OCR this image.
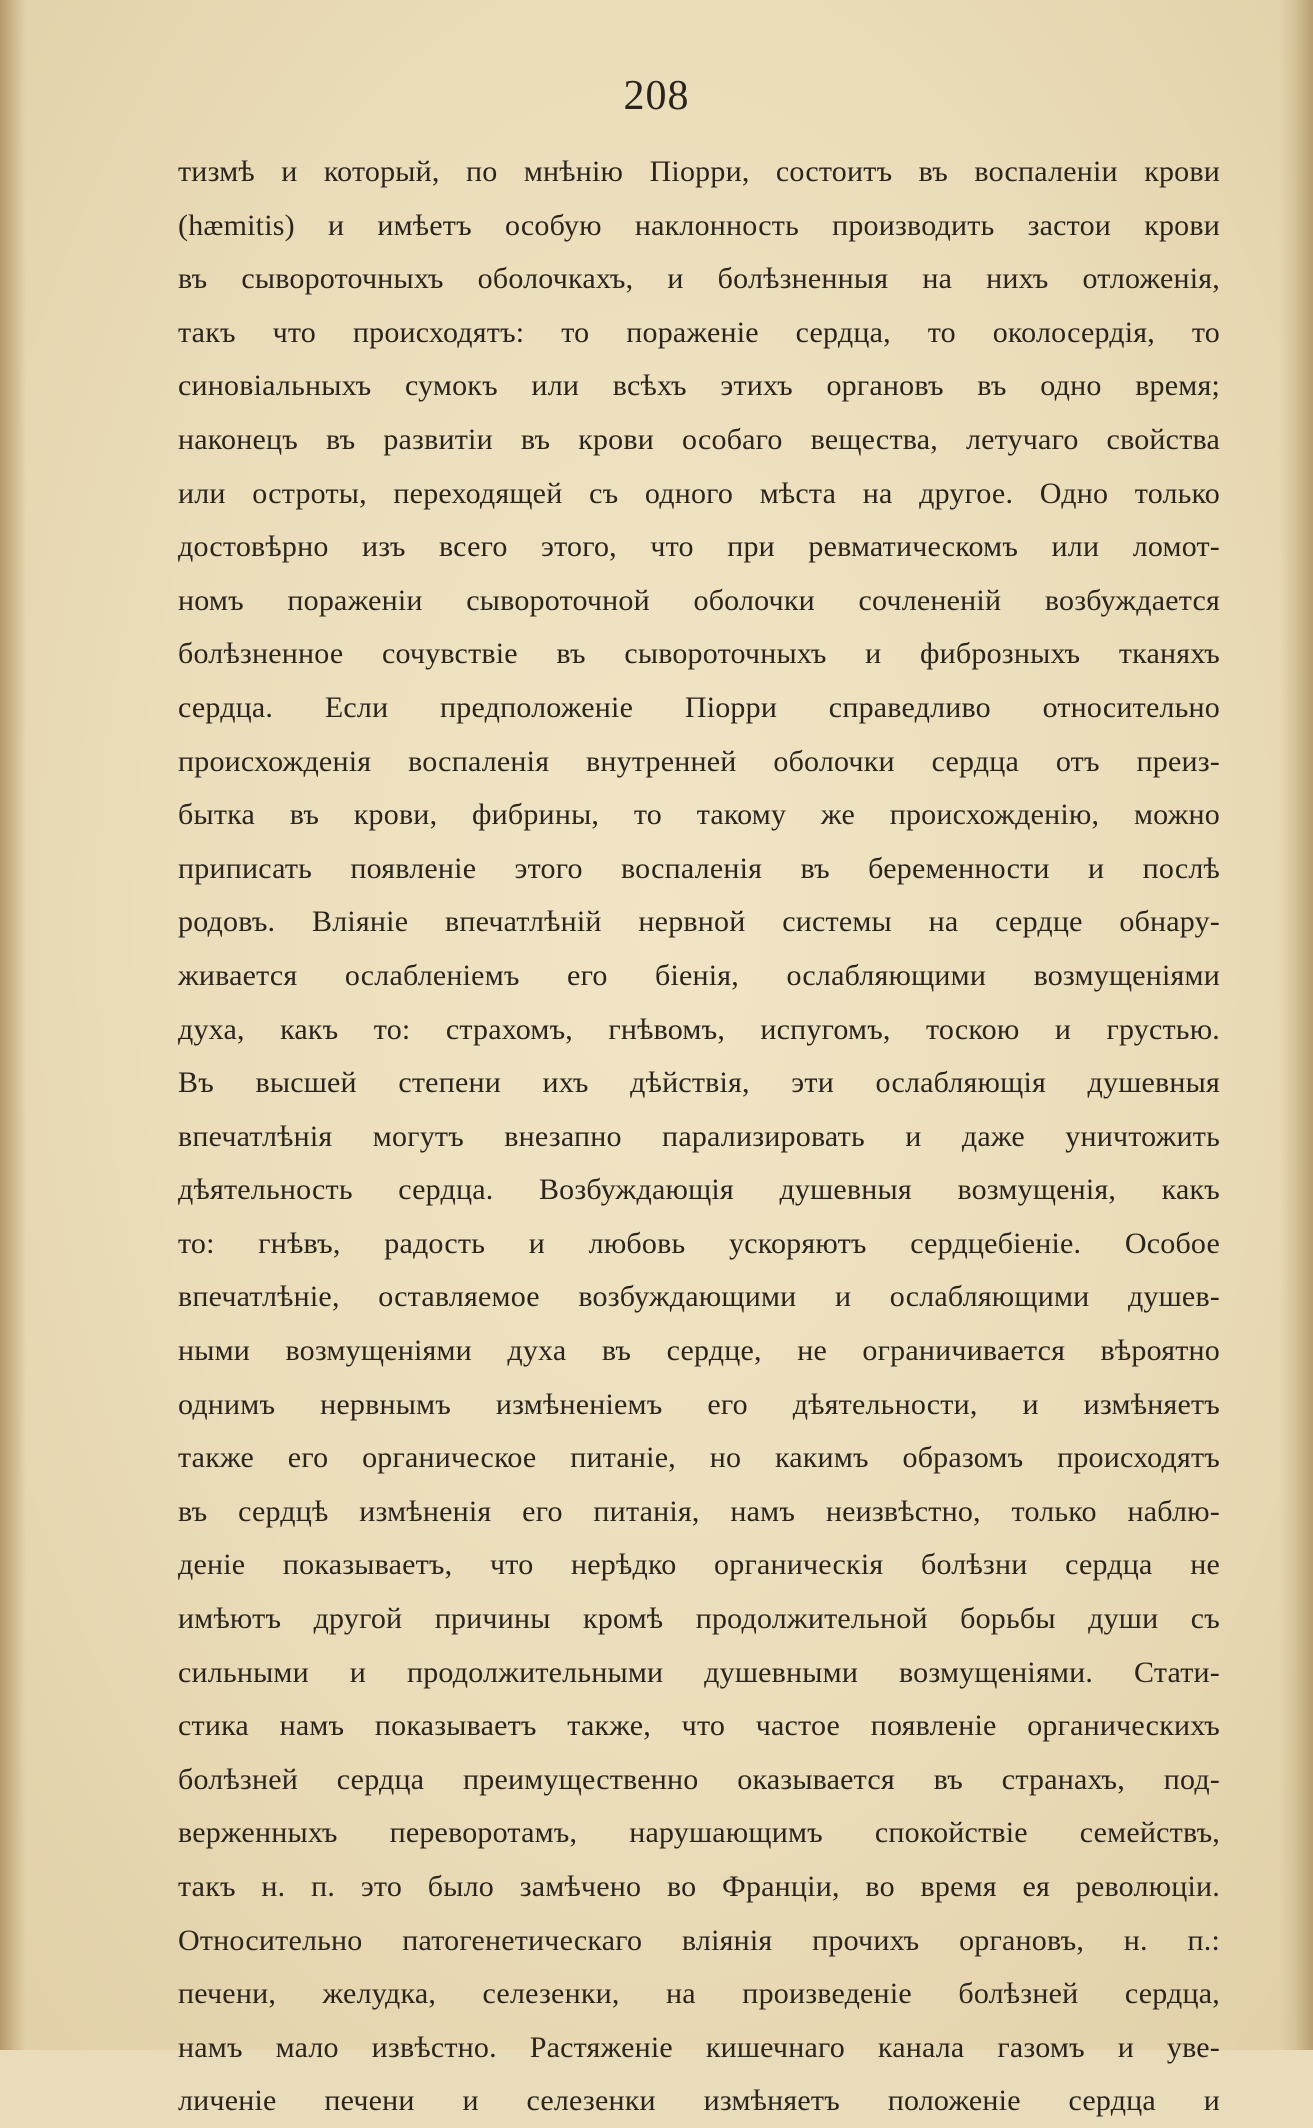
208
тизмѣ и который, по мнѣнію Піорри, состоитъ въ воспаленіи крови
(hæmitis) и имѣетъ особую наклонность производить застои крови
въ сывороточныхъ оболочкахъ, и болѣзненныя на нихъ отложенія,
такъ что происходятъ: то пораженіе сердца, то околосердія, то
синовіальныхъ сумокъ или всѣхъ этихъ органовъ въ одно время;
наконецъ въ развитіи въ крови особаго вещества, летучаго свойства
или остроты, переходящей съ одного мѣста на другое. Одно только
достовѣрно изъ всего этого, что при ревматическомъ или ломот-
номъ пораженіи сывороточной оболочки сочлененій возбуждается
болѣзненное сочувствіе въ сывороточныхъ и фиброзныхъ тканяхъ
сердца. Если предположеніе Піорри справедливо относительно
происхожденія воспаленія внутренней оболочки сердца отъ преиз-
бытка въ крови, фибрины, то такому же происхожденію, можно
приписать появленіе этого воспаленія въ беременности и послѣ
родовъ. Вліяніе впечатлѣній нервной системы на сердце обнару-
живается ослабленіемъ его біенія, ослабляющими возмущеніями
духа, какъ то: страхомъ, гнѣвомъ, испугомъ, тоскою и грустью.
Въ высшей степени ихъ дѣйствія, эти ослабляющія душевныя
впечатлѣнія могутъ внезапно парализировать и даже уничтожить
дѣятельность сердца. Возбуждающія душевныя возмущенія, какъ
то: гнѣвъ, радость и любовь ускоряютъ сердцебіеніе. Особое
впечатлѣніе, оставляемое возбуждающими и ослабляющими душев-
ными возмущеніями духа въ сердце, не ограничивается вѣроятно
однимъ нервнымъ измѣненіемъ его дѣятельности, и измѣняетъ
также его органическое питаніе, но какимъ образомъ происходятъ
въ сердцѣ измѣненія его питанія, намъ неизвѣстно, только наблю-
деніе показываетъ, что нерѣдко органическія болѣзни сердца не
имѣютъ другой причины кромѣ продолжительной борьбы души съ
сильными и продолжительными душевными возмущеніями. Стати-
стика намъ показываетъ также, что частое появленіе органическихъ
болѣзней сердца преимущественно оказывается въ странахъ, под-
верженныхъ переворотамъ, нарушающимъ спокойствіе семействъ,
такъ н. п. это было замѣчено во Франціи, во время ея революціи.
Относительно патогенетическаго вліянія прочихъ органовъ, н. п.:
печени, желудка, селезенки, на произведеніе болѣзней сердца,
намъ мало извѣстно. Растяженіе кишечнаго канала газомъ и уве-
личеніе печени и селезенки измѣняетъ положеніе сердца и
